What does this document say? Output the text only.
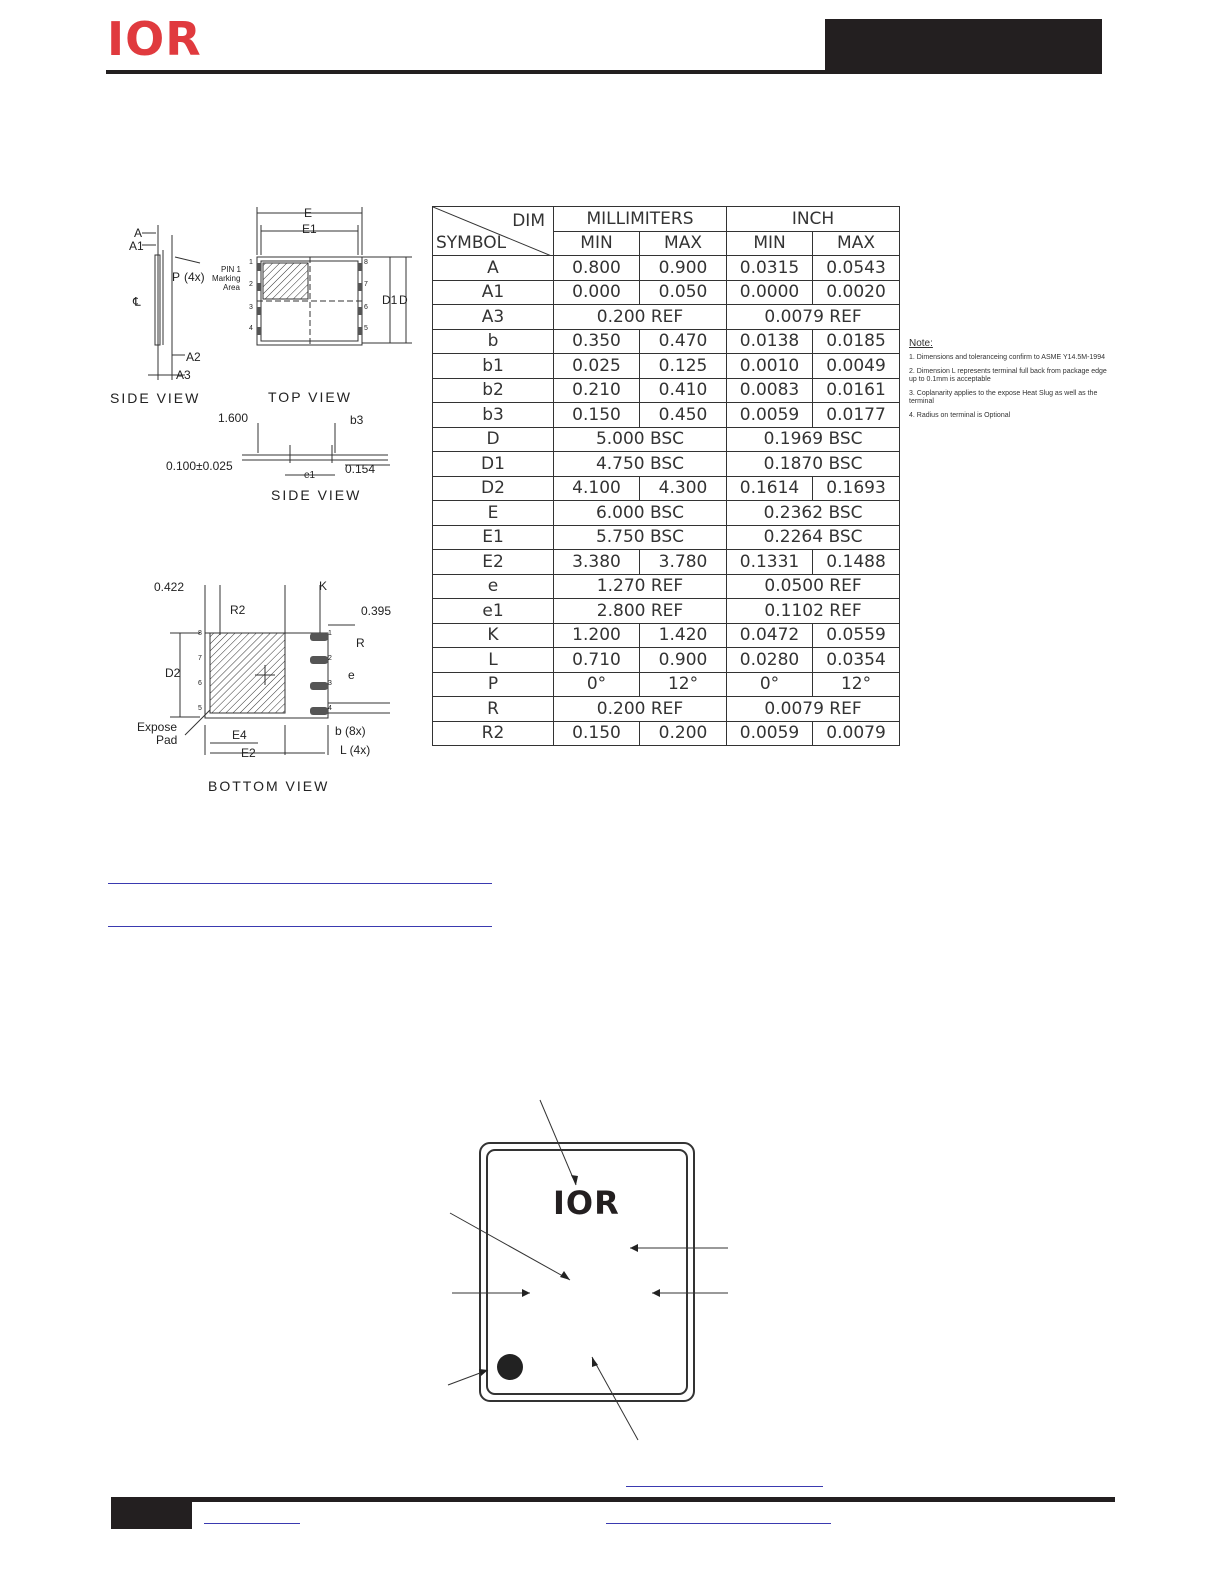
IOR
A
A1
P (4x)
℄
A2
A3
SIDE VIEW
E
E1
PIN 1
Marking
Area
D1 D
1
2
3
4
8
7
6
5
TOP VIEW
1.600	b3
0.100±0.025
e1 0.154
SIDE VIEW
0.422	K
R2	0.395
R
D2	e
Expose
Pad	E4
E2
b (8x)
L (4x)
8
7
6
5
1
2
3
4
BOTTOM VIEW
DIM
SYMBOL	MILLIMITERS		INCH	
	MIN	MAX	MIN	MAX
A	0.800	0.900	0.0315	0.0543
A1	0.000	0.050	0.0000	0.0020
A3	0.200 REF		0.0079 REF	
b	0.350	0.470	0.0138	0.0185
b1	0.025	0.125	0.0010	0.0049
b2	0.210	0.410	0.0083	0.0161
b3	0.150	0.450	0.0059	0.0177
D	5.000 BSC		0.1969 BSC	
D1	4.750 BSC		0.1870 BSC	
D2	4.100	4.300	0.1614	0.1693
E	6.000 BSC		0.2362 BSC	
E1	5.750 BSC		0.2264 BSC	
E2	3.380	3.780	0.1331	0.1488
e	1.270 REF		0.0500 REF	
e1	2.800 REF		0.1102 REF	
K	1.200	1.420	0.0472	0.0559
L	0.710	0.900	0.0280	0.0354
P	0°	12°	0°	12°
R	0.200 REF		0.0079 REF	
R2	0.150	0.200	0.0059	0.0079
Note:
1. Dimensions and toleranceing confirm to ASME Y14.5M-1994
2. Dimension L represents terminal full back from package edge up to 0.1mm is acceptable
3. Coplanarity applies to the expose Heat Slug as well as the terminal
4. Radius on terminal is Optional
IOR
